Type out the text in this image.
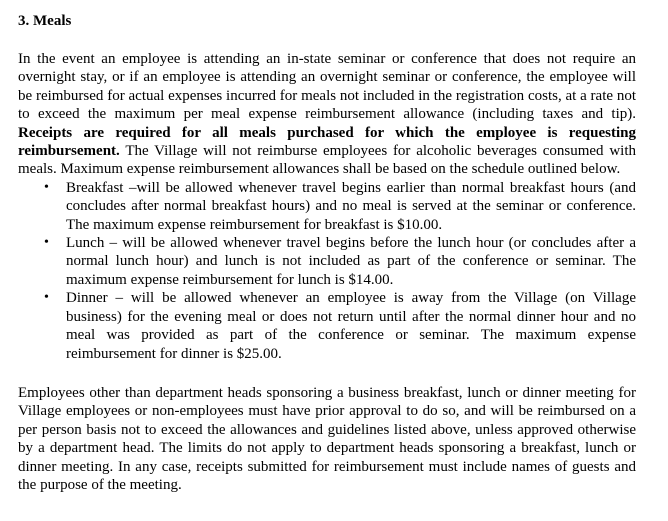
3. Meals

In the event an employee is attending an in-state seminar or conference that does not require an overnight stay, or if an employee is attending an overnight seminar or conference, the employee will be reimbursed for actual expenses incurred for meals not included in the registration costs, at a rate not to exceed the maximum per meal expense reimbursement allowance (including taxes and tip). Receipts are required for all meals purchased for which the employee is requesting reimbursement. The Village will not reimburse employees for alcoholic beverages consumed with meals. Maximum expense reimbursement allowances shall be based on the schedule outlined below.

• Breakfast –will be allowed whenever travel begins earlier than normal breakfast hours (and concludes after normal breakfast hours) and no meal is served at the seminar or conference. The maximum expense reimbursement for breakfast is $10.00.
• Lunch – will be allowed whenever travel begins before the lunch hour (or concludes after a normal lunch hour) and lunch is not included as part of the conference or seminar. The maximum expense reimbursement for lunch is $14.00.
• Dinner – will be allowed whenever an employee is away from the Village (on Village business) for the evening meal or does not return until after the normal dinner hour and no meal was provided as part of the conference or seminar. The maximum expense reimbursement for dinner is $25.00.

Employees other than department heads sponsoring a business breakfast, lunch or dinner meeting for Village employees or non-employees must have prior approval to do so, and will be reimbursed on a per person basis not to exceed the allowances and guidelines listed above, unless approved otherwise by a department head. The limits do not apply to department heads sponsoring a breakfast, lunch or dinner meeting. In any case, receipts submitted for reimbursement must include names of guests and the purpose of the meeting.
